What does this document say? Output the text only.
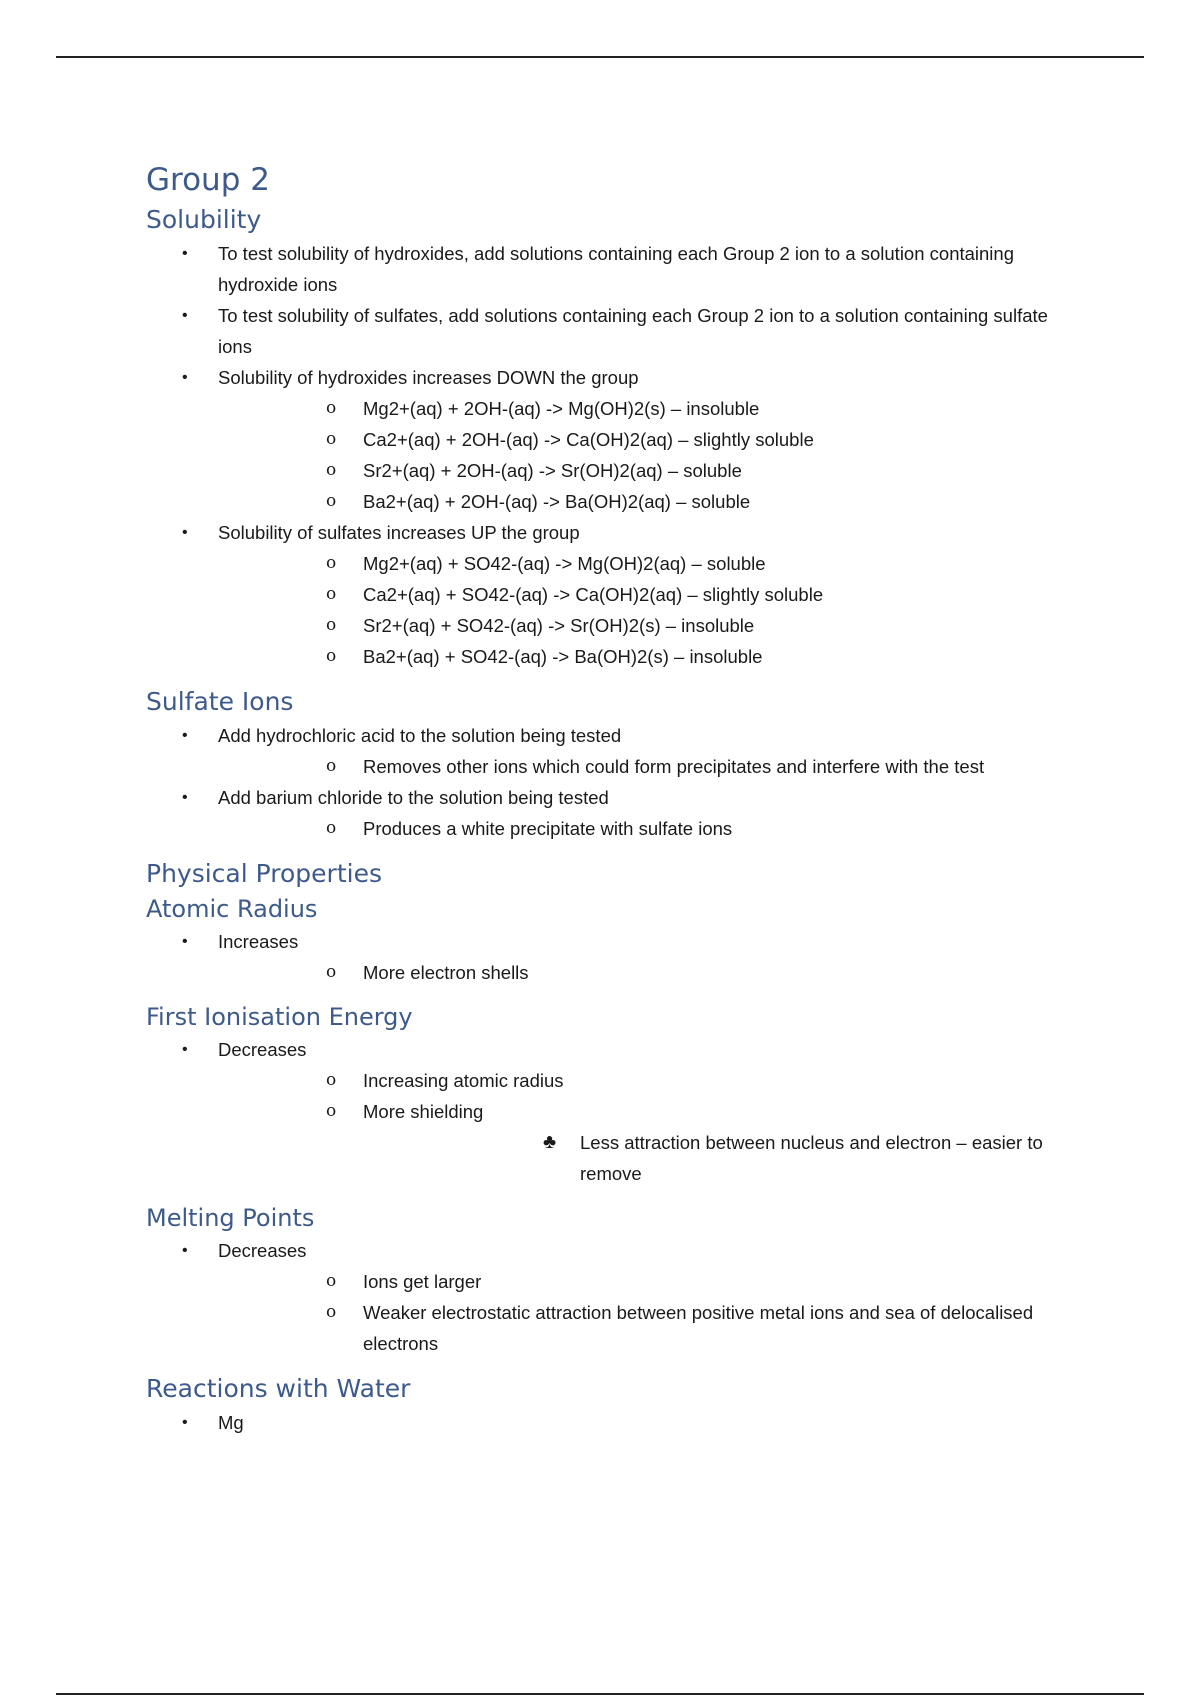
Group 2
Solubility
• To test solubility of hydroxides, add solutions containing each Group 2 ion to a solution containing hydroxide ions
• To test solubility of sulfates, add solutions containing each Group 2 ion to a solution containing sulfate ions
• Solubility of hydroxides increases DOWN the group
o Mg2+(aq) + 2OH-(aq) -> Mg(OH)2(s) – insoluble
o Ca2+(aq) + 2OH-(aq) -> Ca(OH)2(aq) – slightly soluble
o Sr2+(aq) + 2OH-(aq) -> Sr(OH)2(aq) – soluble
o Ba2+(aq) + 2OH-(aq) -> Ba(OH)2(aq) – soluble
• Solubility of sulfates increases UP the group
o Mg2+(aq) + SO42-(aq) -> Mg(OH)2(aq) – soluble
o Ca2+(aq) + SO42-(aq) -> Ca(OH)2(aq) – slightly soluble
o Sr2+(aq) + SO42-(aq) -> Sr(OH)2(s) – insoluble
o Ba2+(aq) + SO42-(aq) -> Ba(OH)2(s) – insoluble
Sulfate Ions
• Add hydrochloric acid to the solution being tested
o Removes other ions which could form precipitates and interfere with the test
• Add barium chloride to the solution being tested
o Produces a white precipitate with sulfate ions
Physical Properties
Atomic Radius
• Increases
o More electron shells
First Ionisation Energy
• Decreases
o Increasing atomic radius
o More shielding
♣ Less attraction between nucleus and electron – easier to remove
Melting Points
• Decreases
o Ions get larger
o Weaker electrostatic attraction between positive metal ions and sea of delocalised electrons
Reactions with Water
• Mg
